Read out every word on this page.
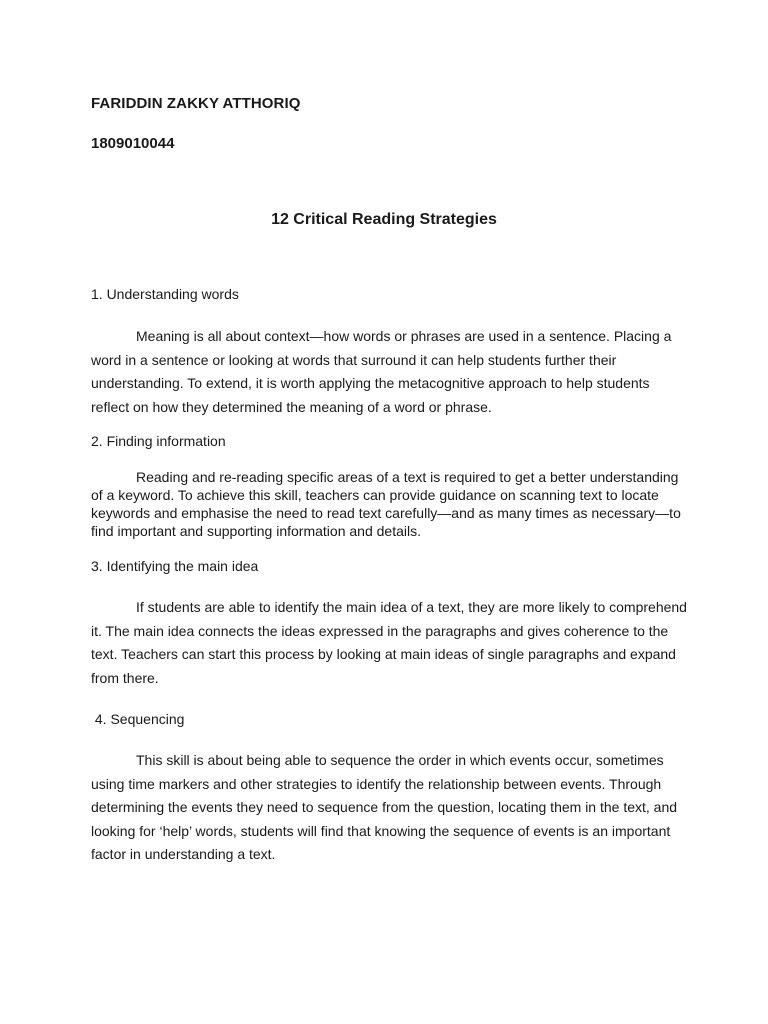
FARIDDIN ZAKKY ATTHORIQ

1809010044

12 Critical Reading Strategies

1. Understanding words

Meaning is all about context—how words or phrases are used in a sentence. Placing a word in a sentence or looking at words that surround it can help students further their understanding. To extend, it is worth applying the metacognitive approach to help students reflect on how they determined the meaning of a word or phrase.

2. Finding information

Reading and re-reading specific areas of a text is required to get a better understanding of a keyword. To achieve this skill, teachers can provide guidance on scanning text to locate keywords and emphasise the need to read text carefully—and as many times as necessary—to find important and supporting information and details.

3. Identifying the main idea

If students are able to identify the main idea of a text, they are more likely to comprehend it. The main idea connects the ideas expressed in the paragraphs and gives coherence to the text. Teachers can start this process by looking at main ideas of single paragraphs and expand from there.

4. Sequencing

This skill is about being able to sequence the order in which events occur, sometimes using time markers and other strategies to identify the relationship between events. Through determining the events they need to sequence from the question, locating them in the text, and looking for ‘help’ words, students will find that knowing the sequence of events is an important factor in understanding a text.
